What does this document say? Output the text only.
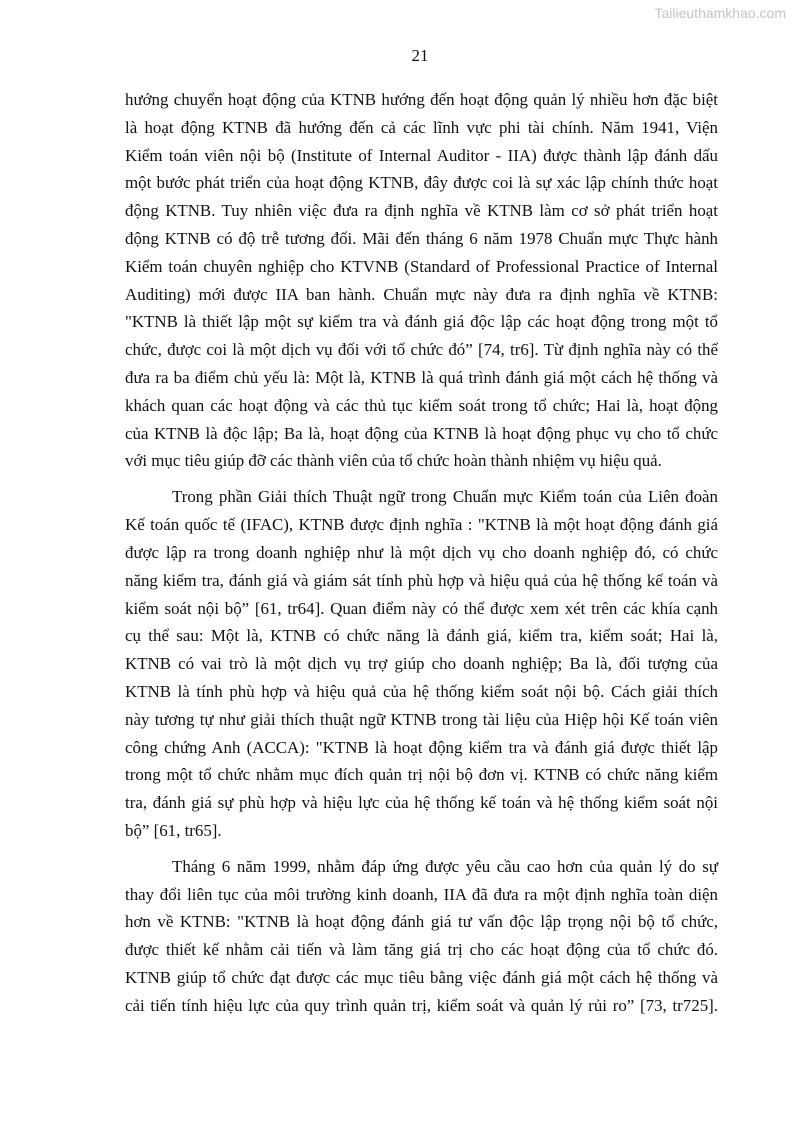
Tailieuthamkhao.com
21
hướng chuyển hoạt động của KTNB hướng đến hoạt động quản lý nhiều hơn đặc biệt
là hoạt động KTNB đã hướng đến cả các lĩnh vực phi tài chính. Năm 1941, Viện
Kiểm toán viên nội bộ (Institute of Internal Auditor - IIA) được thành lập đánh dấu
một bước phát triển của hoạt động KTNB, đây được coi là sự xác lập chính thức hoạt
động KTNB. Tuy nhiên việc đưa ra định nghĩa về KTNB làm cơ sở phát triển hoạt
động KTNB có độ trễ tương đối. Mãi đến tháng 6 năm 1978 Chuẩn mực Thực hành
Kiểm toán chuyên nghiệp cho KTVNB (Standard of Professional Practice of Internal
Auditing) mới được IIA ban hành. Chuẩn mực này đưa ra định nghĩa về KTNB:
"KTNB là thiết lập một sự kiểm tra và đánh giá độc lập các hoạt động trong một tổ
chức, được coi là một dịch vụ đối với tổ chức đó” [74, tr6]. Từ định nghĩa này có thể
đưa ra ba điểm chủ yếu là: Một là, KTNB là quá trình đánh giá một cách hệ thống và
khách quan các hoạt động và các thủ tục kiểm soát trong tổ chức; Hai là, hoạt động
của KTNB là độc lập; Ba là, hoạt động của KTNB là hoạt động phục vụ cho tổ chức
với mục tiêu giúp đỡ các thành viên của tổ chức hoàn thành nhiệm vụ hiệu quả.
Trong phần Giải thích Thuật ngữ trong Chuẩn mực Kiểm toán của Liên đoàn
Kế toán quốc tế (IFAC), KTNB được định nghĩa : "KTNB là một hoạt động đánh giá
được lập ra trong doanh nghiệp như là một dịch vụ cho doanh nghiệp đó, có chức
năng kiểm tra, đánh giá và giám sát tính phù hợp và hiệu quả của hệ thống kế toán và
kiểm soát nội bộ” [61, tr64]. Quan điểm này có thể được xem xét trên các khía cạnh
cụ thể sau: Một là, KTNB có chức năng là đánh giá, kiểm tra, kiểm soát; Hai là,
KTNB có vai trò là một dịch vụ trợ giúp cho doanh nghiệp; Ba là, đối tượng của
KTNB là tính phù hợp và hiệu quả của hệ thống kiểm soát nội bộ. Cách giải thích
này tương tự như giải thích thuật ngữ KTNB trong tài liệu của Hiệp hội Kế toán viên
công chứng Anh (ACCA): "KTNB là hoạt động kiểm tra và đánh giá được thiết lập
trong một tổ chức nhằm mục đích quản trị nội bộ đơn vị. KTNB có chức năng kiểm
tra, đánh giá sự phù hợp và hiệu lực của hệ thống kế toán và hệ thống kiểm soát nội
bộ” [61, tr65].
Tháng 6 năm 1999, nhằm đáp ứng được yêu cầu cao hơn của quản lý do sự
thay đổi liên tục của môi trường kinh doanh, IIA đã đưa ra một định nghĩa toàn diện
hơn về KTNB: "KTNB là hoạt động đánh giá tư vấn độc lập trọng nội bộ tổ chức,
được thiết kế nhằm cải tiến và làm tăng giá trị cho các hoạt động của tổ chức đó.
KTNB giúp tổ chức đạt được các mục tiêu bằng việc đánh giá một cách hệ thống và
cải tiến tính hiệu lực của quy trình quản trị, kiểm soát và quản lý rủi ro” [73, tr725].
